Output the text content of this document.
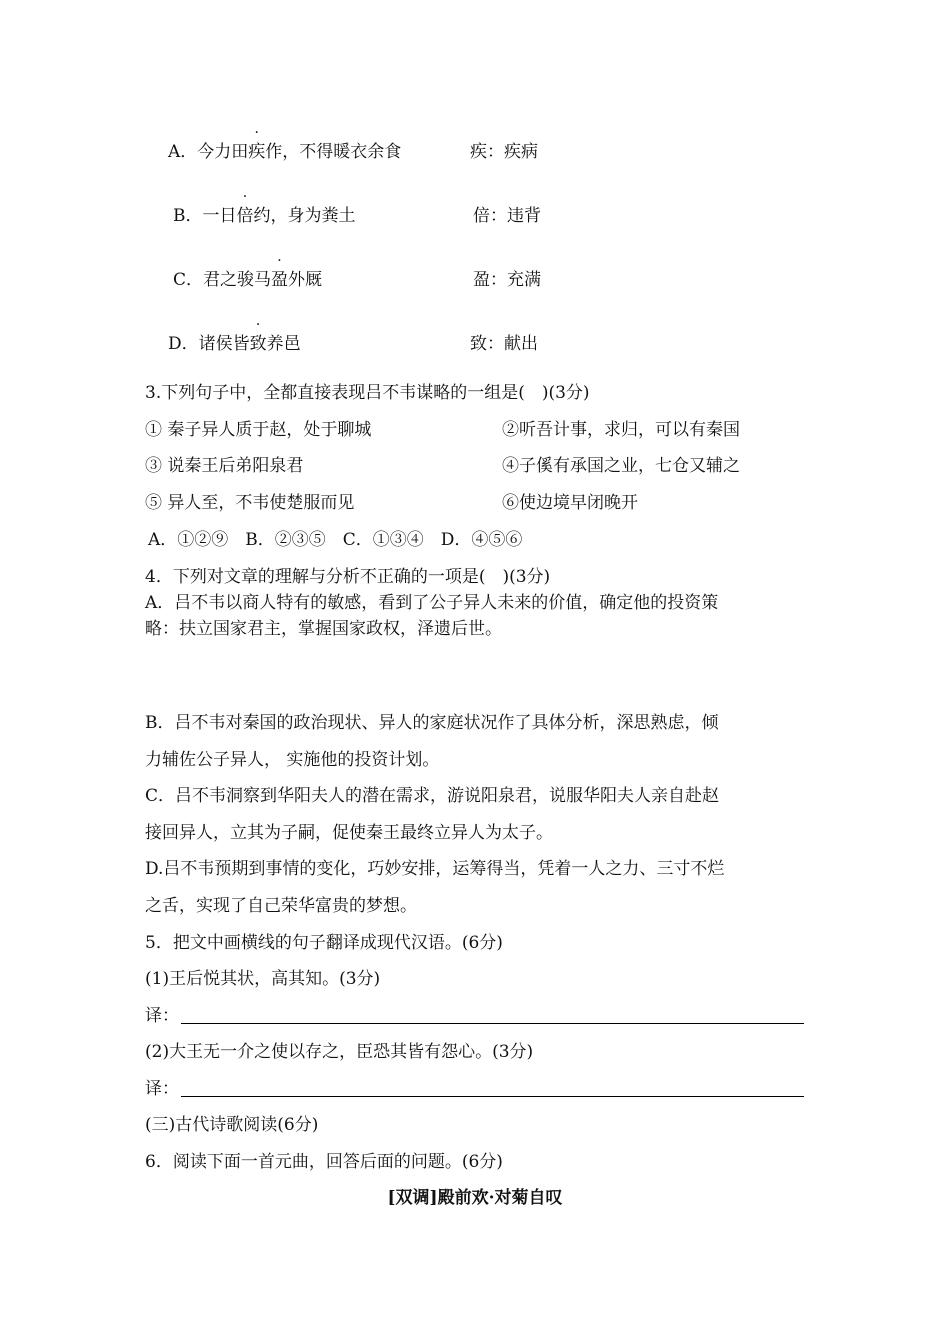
A．今力田疾作，不得暖衣余食	疾：疾病
B．一日倍约，身为粪土	倍：违背
C．君之骏马盈外厩	盈：充满
D．诸侯皆致养邑	致：献出
3.下列句子中，全都直接表现吕不韦谋略的一组是(　)(3分)
① 秦子异人质于赵，处于聊城	②听吾计事，求归，可以有秦国
③ 说秦王后弟阳泉君	④子傒有承国之业，七仓又辅之
⑤ 异人至，不韦使楚服而见	⑥使边境早闭晚开
A．①②⑨　B．②③⑤　C．①③④　D．④⑤⑥
4．下列对文章的理解与分析不正确的一项是(　)(3分)
A．吕不韦以商人特有的敏感，看到了公子异人未来的价值，确定他的投资策
略：扶立国家君主，掌握国家政权，泽遗后世。
B．吕不韦对秦国的政治现状、异人的家庭状况作了具体分析，深思熟虑，倾
力辅佐公子异人， 实施他的投资计划。
C．吕不韦洞察到华阳夫人的潜在需求，游说阳泉君，说服华阳夫人亲自赴赵
接回异人，立其为子嗣，促使秦王最终立异人为太子。
D.吕不韦预期到事情的变化，巧妙安排，运筹得当，凭着一人之力、三寸不烂
之舌，实现了自己荣华富贵的梦想。
5．把文中画横线的句子翻译成现代汉语。(6分)
(1)王后悦其状，高其知。(3分)
译：
(2)大王无一介之使以存之，臣恐其皆有怨心。(3分)
译：
(三)古代诗歌阅读(6分)
6．阅读下面一首元曲，回答后面的问题。(6分)
[双调]殿前欢·对菊自叹
